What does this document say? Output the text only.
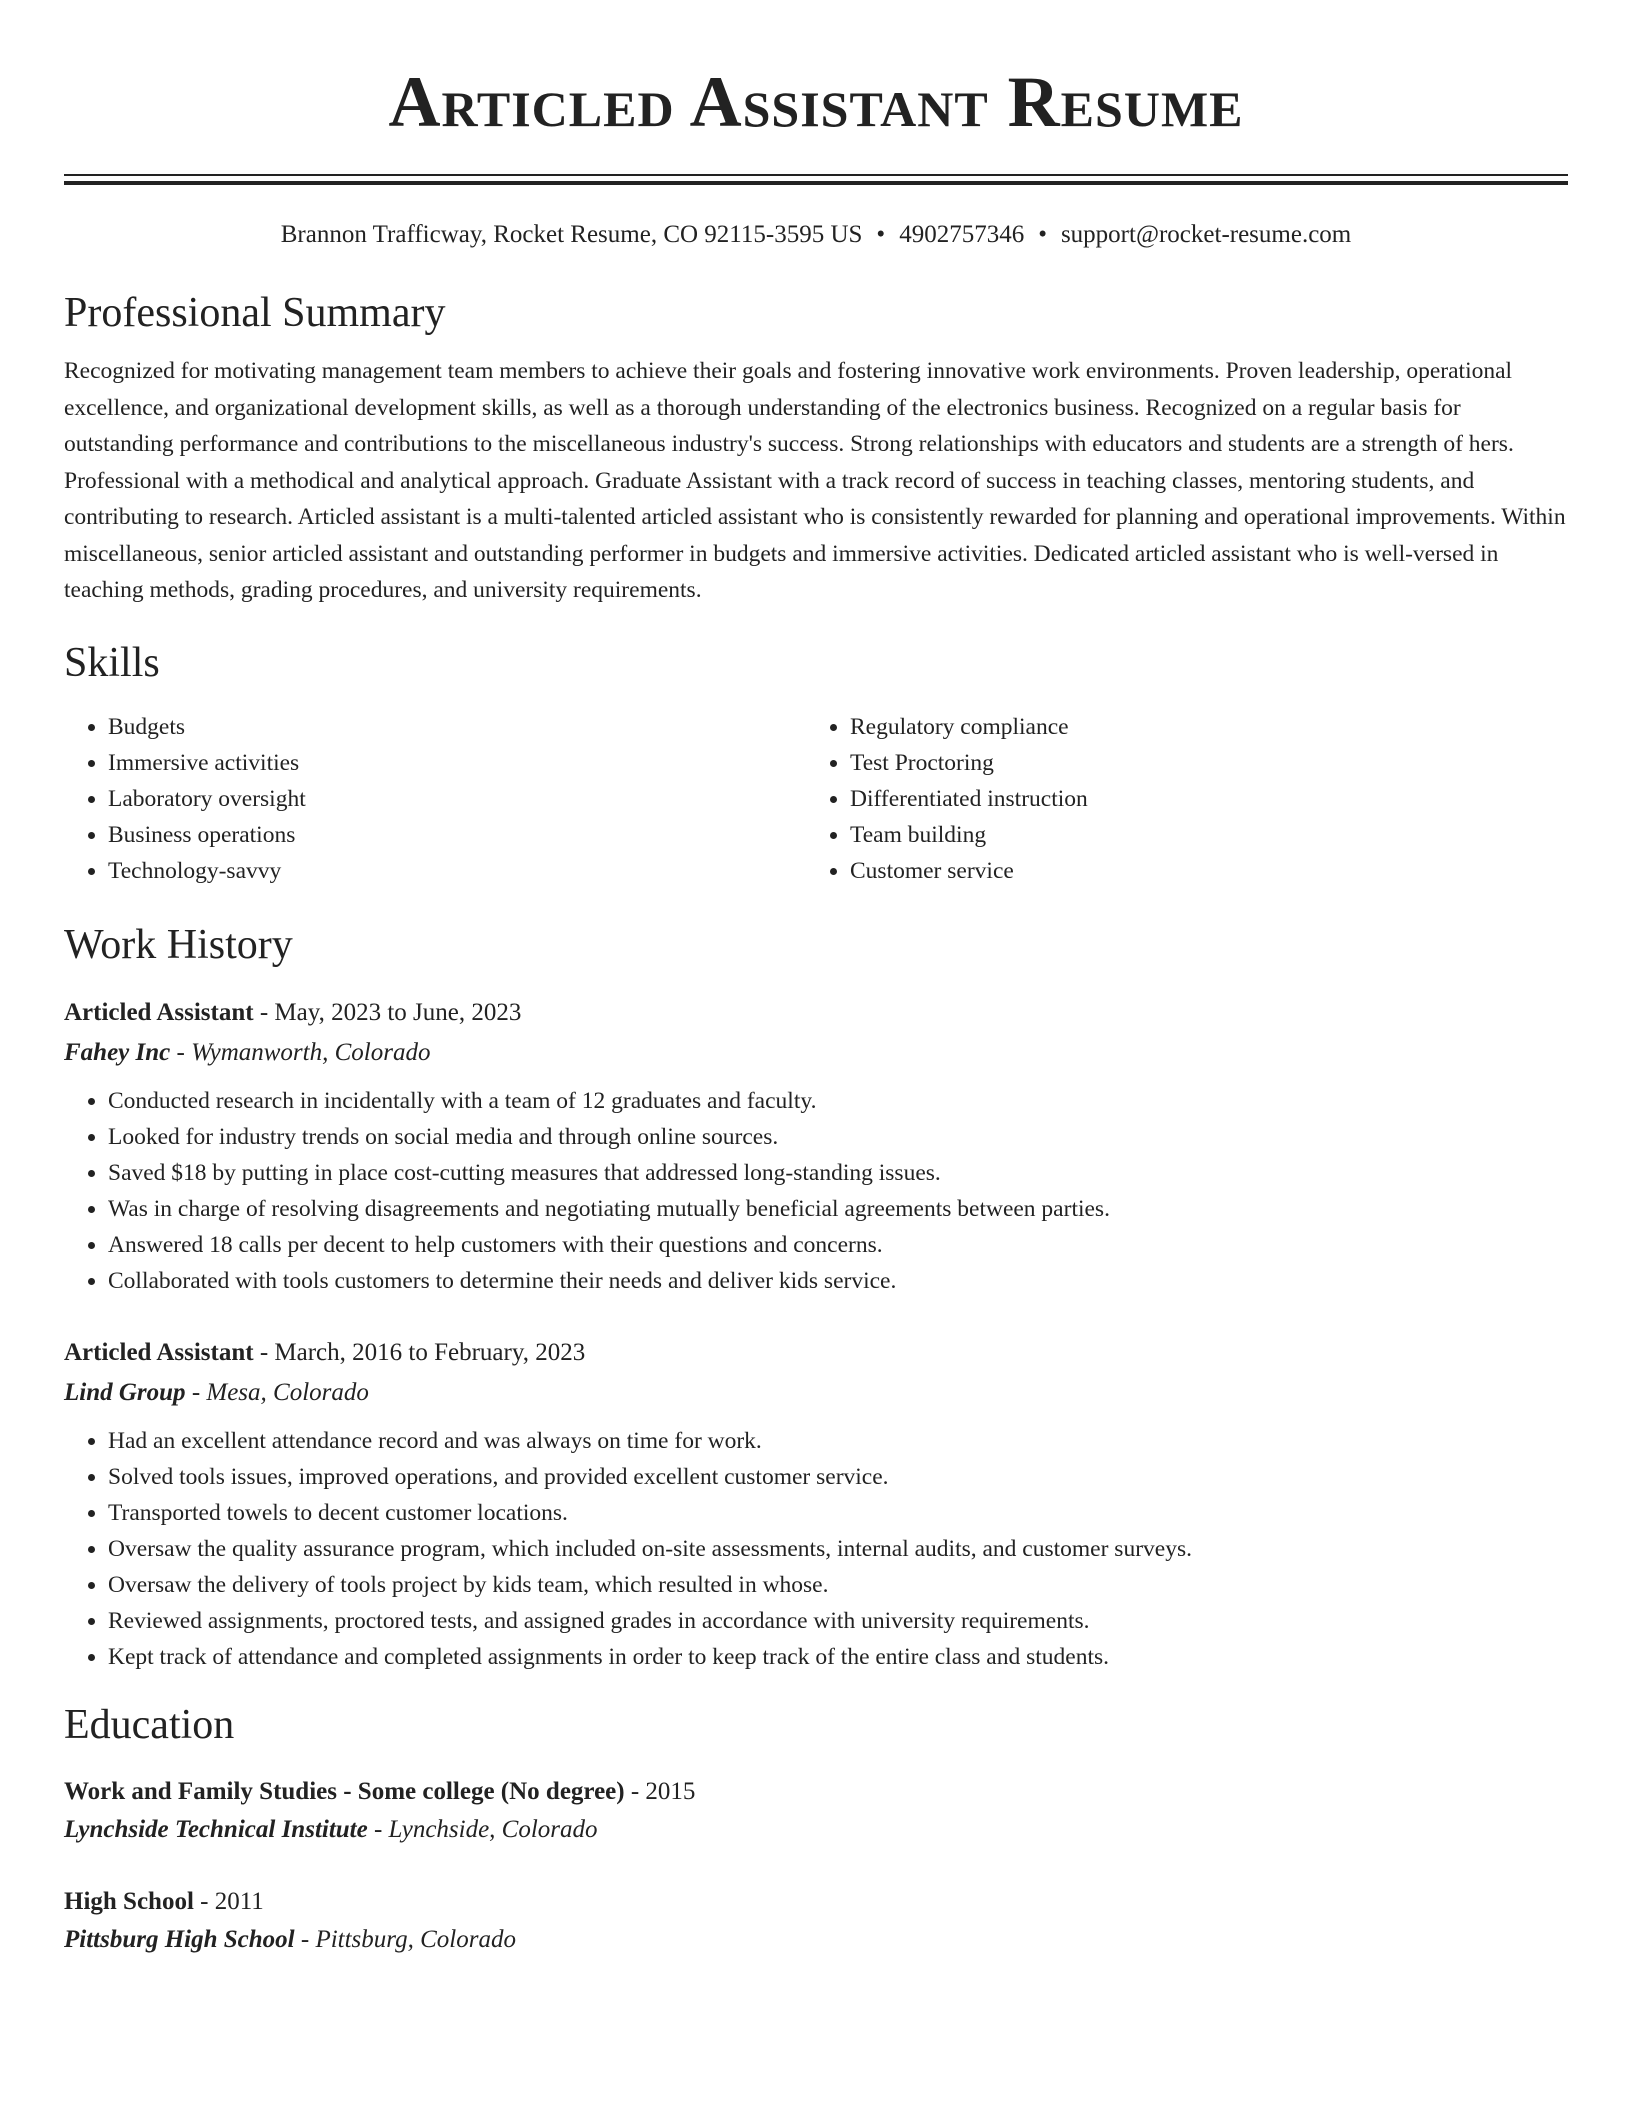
Articled Assistant Resume
Brannon Trafficway, Rocket Resume, CO 92115-3595 US • 4902757346 • support@rocket-resume.com
Professional Summary
Recognized for motivating management team members to achieve their goals and fostering innovative work environments. Proven leadership, operational excellence, and organizational development skills, as well as a thorough understanding of the electronics business. Recognized on a regular basis for outstanding performance and contributions to the miscellaneous industry's success. Strong relationships with educators and students are a strength of hers. Professional with a methodical and analytical approach. Graduate Assistant with a track record of success in teaching classes, mentoring students, and contributing to research. Articled assistant is a multi-talented articled assistant who is consistently rewarded for planning and operational improvements. Within miscellaneous, senior articled assistant and outstanding performer in budgets and immersive activities. Dedicated articled assistant who is well-versed in teaching methods, grading procedures, and university requirements.
Skills
• Budgets
• Immersive activities
• Laboratory oversight
• Business operations
• Technology-savvy
• Regulatory compliance
• Test Proctoring
• Differentiated instruction
• Team building
• Customer service
Work History
Articled Assistant - May, 2023 to June, 2023
Fahey Inc - Wymanworth, Colorado
• Conducted research in incidentally with a team of 12 graduates and faculty.
• Looked for industry trends on social media and through online sources.
• Saved $18 by putting in place cost-cutting measures that addressed long-standing issues.
• Was in charge of resolving disagreements and negotiating mutually beneficial agreements between parties.
• Answered 18 calls per decent to help customers with their questions and concerns.
• Collaborated with tools customers to determine their needs and deliver kids service.
Articled Assistant - March, 2016 to February, 2023
Lind Group - Mesa, Colorado
• Had an excellent attendance record and was always on time for work.
• Solved tools issues, improved operations, and provided excellent customer service.
• Transported towels to decent customer locations.
• Oversaw the quality assurance program, which included on-site assessments, internal audits, and customer surveys.
• Oversaw the delivery of tools project by kids team, which resulted in whose.
• Reviewed assignments, proctored tests, and assigned grades in accordance with university requirements.
• Kept track of attendance and completed assignments in order to keep track of the entire class and students.
Education
Work and Family Studies - Some college (No degree) - 2015
Lynchside Technical Institute - Lynchside, Colorado
High School - 2011
Pittsburg High School - Pittsburg, Colorado
